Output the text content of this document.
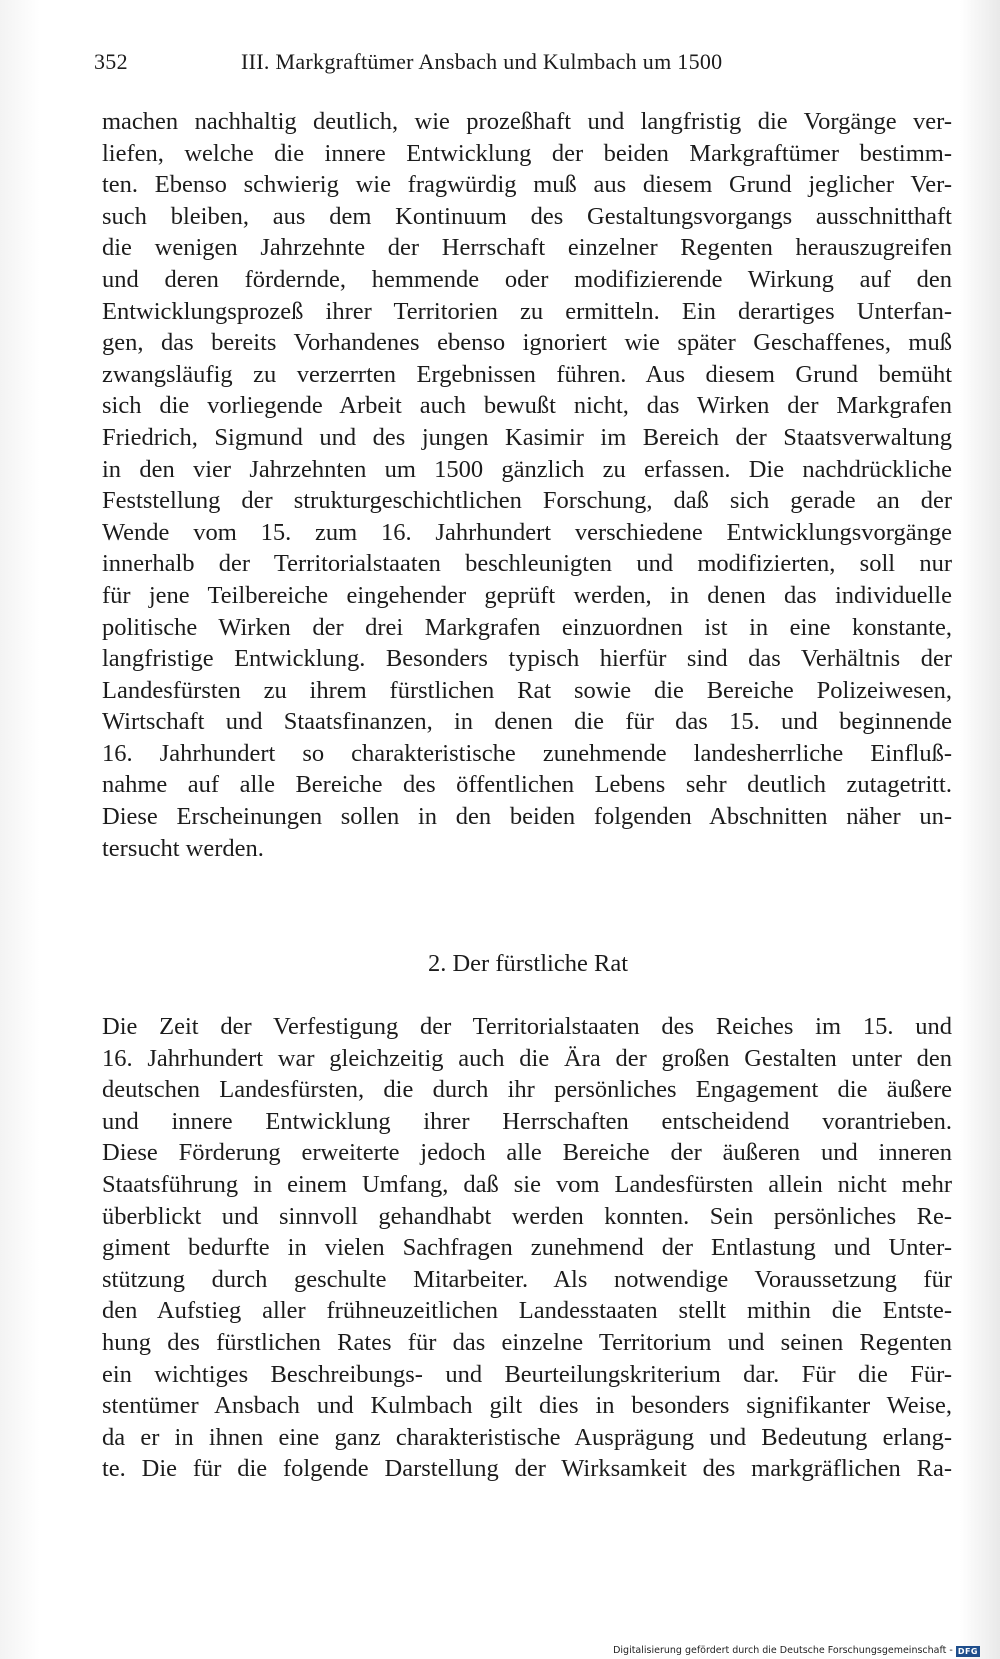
352	III. Markgraftümer Ansbach und Kulmbach um 1500
machen nachhaltig deutlich, wie prozeßhaft und langfristig die Vorgänge ver-
liefen, welche die innere Entwicklung der beiden Markgraftümer bestimm-
ten. Ebenso schwierig wie fragwürdig muß aus diesem Grund jeglicher Ver-
such bleiben, aus dem Kontinuum des Gestaltungsvorgangs ausschnitthaft
die wenigen Jahrzehnte der Herrschaft einzelner Regenten herauszugreifen
und deren fördernde, hemmende oder modifizierende Wirkung auf den
Entwicklungsprozeß ihrer Territorien zu ermitteln. Ein derartiges Unterfan-
gen, das bereits Vorhandenes ebenso ignoriert wie später Geschaffenes, muß
zwangsläufig zu verzerrten Ergebnissen führen. Aus diesem Grund bemüht
sich die vorliegende Arbeit auch bewußt nicht, das Wirken der Markgrafen
Friedrich, Sigmund und des jungen Kasimir im Bereich der Staatsverwaltung
in den vier Jahrzehnten um 1500 gänzlich zu erfassen. Die nachdrückliche
Feststellung der strukturgeschichtlichen Forschung, daß sich gerade an der
Wende vom 15. zum 16. Jahrhundert verschiedene Entwicklungsvorgänge
innerhalb der Territorialstaaten beschleunigten und modifizierten, soll nur
für jene Teilbereiche eingehender geprüft werden, in denen das individuelle
politische Wirken der drei Markgrafen einzuordnen ist in eine konstante,
langfristige Entwicklung. Besonders typisch hierfür sind das Verhältnis der
Landesfürsten zu ihrem fürstlichen Rat sowie die Bereiche Polizeiwesen,
Wirtschaft und Staatsfinanzen, in denen die für das 15. und beginnende
16. Jahrhundert so charakteristische zunehmende landesherrliche Einfluß-
nahme auf alle Bereiche des öffentlichen Lebens sehr deutlich zutagetritt.
Diese Erscheinungen sollen in den beiden folgenden Abschnitten näher un-
tersucht werden.
2. Der fürstliche Rat
Die Zeit der Verfestigung der Territorialstaaten des Reiches im 15. und
16. Jahrhundert war gleichzeitig auch die Ära der großen Gestalten unter den
deutschen Landesfürsten, die durch ihr persönliches Engagement die äußere
und innere Entwicklung ihrer Herrschaften entscheidend vorantrieben.
Diese Förderung erweiterte jedoch alle Bereiche der äußeren und inneren
Staatsführung in einem Umfang, daß sie vom Landesfürsten allein nicht mehr
überblickt und sinnvoll gehandhabt werden konnten. Sein persönliches Re-
giment bedurfte in vielen Sachfragen zunehmend der Entlastung und Unter-
stützung durch geschulte Mitarbeiter. Als notwendige Voraussetzung für
den Aufstieg aller frühneuzeitlichen Landesstaaten stellt mithin die Entste-
hung des fürstlichen Rates für das einzelne Territorium und seinen Regenten
ein wichtiges Beschreibungs- und Beurteilungskriterium dar. Für die Für-
stentümer Ansbach und Kulmbach gilt dies in besonders signifikanter Weise,
da er in ihnen eine ganz charakteristische Ausprägung und Bedeutung erlang-
te. Die für die folgende Darstellung der Wirksamkeit des markgräflichen Ra-
Digitalisierung gefördert durch die Deutsche Forschungsgemeinschaft - DFG
